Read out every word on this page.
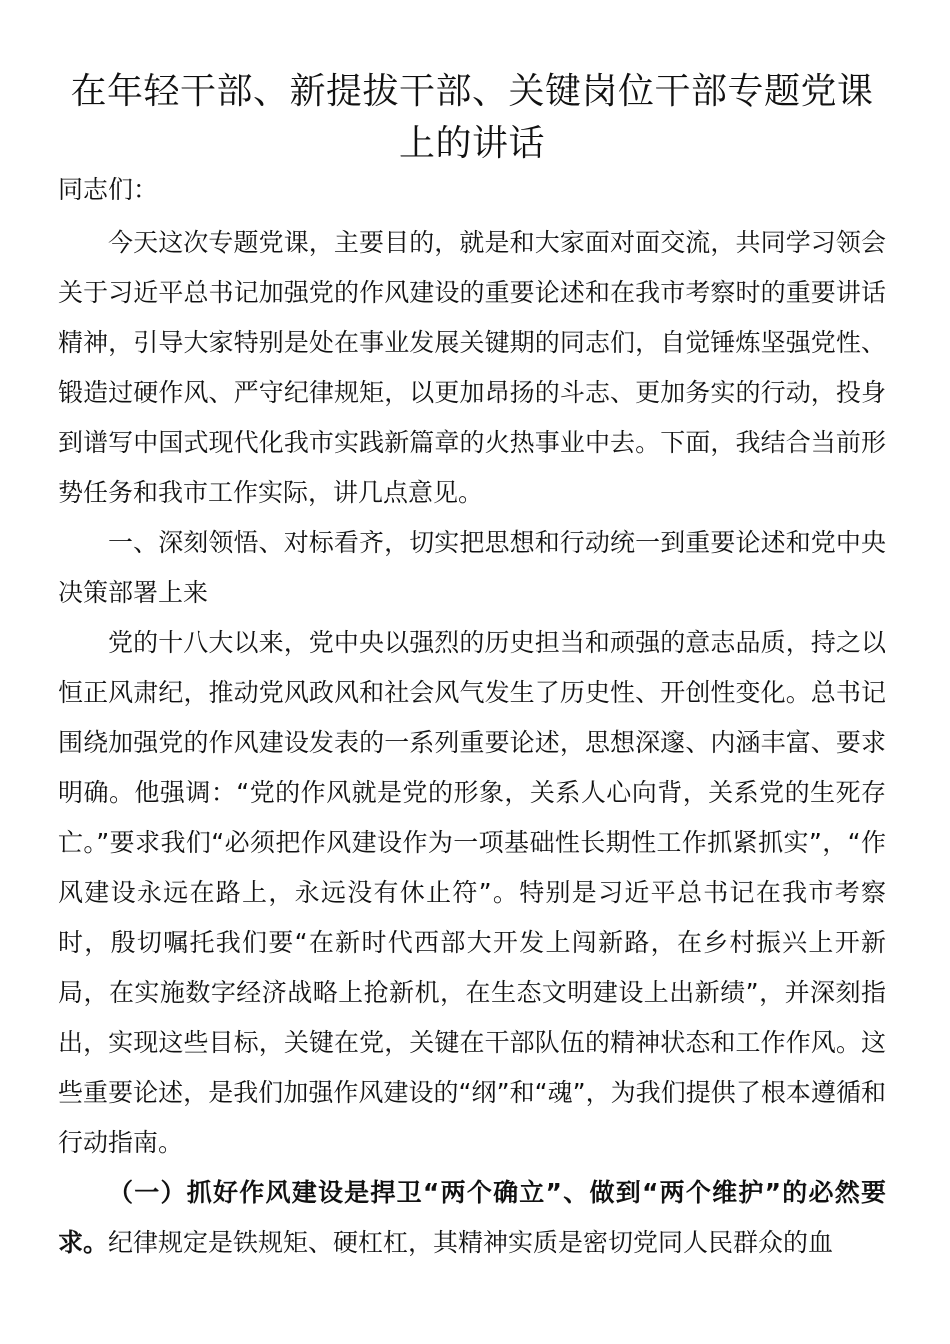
在年轻干部、新提拔干部、关键岗位干部专题党课上的讲话

同志们：

今天这次专题党课，主要目的，就是和大家面对面交流，共同学习领会关于习近平总书记加强党的作风建设的重要论述和在我市考察时的重要讲话精神，引导大家特别是处在事业发展关键期的同志们，自觉锤炼坚强党性、锻造过硬作风、严守纪律规矩，以更加昂扬的斗志、更加务实的行动，投身到谱写中国式现代化我市实践新篇章的火热事业中去。下面，我结合当前形势任务和我市工作实际，讲几点意见。

一、深刻领悟、对标看齐，切实把思想和行动统一到重要论述和党中央决策部署上来

党的十八大以来，党中央以强烈的历史担当和顽强的意志品质，持之以恒正风肃纪，推动党风政风和社会风气发生了历史性、开创性变化。总书记围绕加强党的作风建设发表的一系列重要论述，思想深邃、内涵丰富、要求明确。他强调：“党的作风就是党的形象，关系人心向背，关系党的生死存亡。”要求我们“必须把作风建设作为一项基础性长期性工作抓紧抓实”，“作风建设永远在路上，永远没有休止符”。特别是习近平总书记在我市考察时，殷切嘱托我们要“在新时代西部大开发上闯新路，在乡村振兴上开新局，在实施数字经济战略上抢新机，在生态文明建设上出新绩”，并深刻指出，实现这些目标，关键在党，关键在干部队伍的精神状态和工作作风。这些重要论述，是我们加强作风建设的“纲”和“魂”，为我们提供了根本遵循和行动指南。

（一）抓好作风建设是捍卫“两个确立”、做到“两个维护”的必然要求。纪律规定是铁规矩、硬杠杠，其精神实质是密切党同人民群众的血
